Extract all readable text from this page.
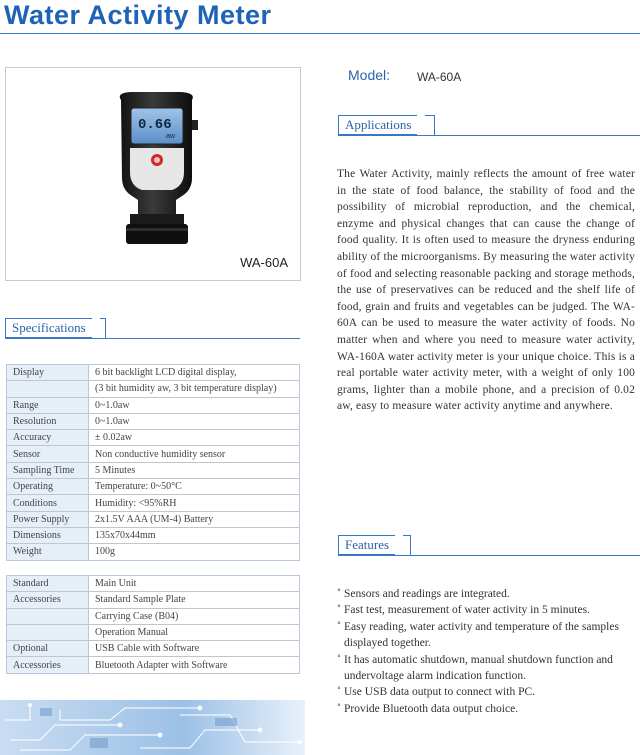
Water Activity Meter
0.66
aw
WA-60A
Specifications
Display	6 bit backlight LCD digital display,
	(3 bit humidity aw, 3 bit temperature display)
Range	0~1.0aw
Resolution	0~1.0aw
Accuracy	± 0.02aw
Sensor	Non conductive humidity sensor
Sampling Time	5 Minutes
Operating	Temperature: 0~50°C
Conditions	Humidity: <95%RH
Power Supply	2x1.5V AAA (UM-4) Battery
Dimensions	135x70x44mm
Weight	100g
Standard	Main Unit
Accessories	Standard Sample Plate
	Carrying Case (B04)
	Operation Manual
Optional	USB Cable with Software
Accessories	Bluetooth Adapter with Software
Model: WA-60A
Applications
The Water Activity, mainly reflects the amount of free water in the state of food balance, the stability of food and the possibility of microbial reproduction, and the chemical, enzyme and physical changes that can cause the change of food quality. It is often used to measure the dryness enduring ability of the microorganisms. By measuring the water activity of food and selecting reasonable packing and storage methods, the use of preservatives can be reduced and the shelf life of food, grain and fruits and vegetables can be judged. The WA-60A can be used to measure the water activity of foods. No matter when and where you need to measure water activity, WA-160A water activity meter is your unique choice. This is a real portable water activity meter, with a weight of only 100 grams, lighter than a mobile phone, and a precision of 0.02 aw, easy to measure water activity anytime and anywhere.
Features
˚ Sensors and readings are integrated.
˚ Fast test, measurement of water activity in 5 minutes.
˚ Easy reading, water activity and temperature of the samples displayed together.
˚ It has automatic shutdown, manual shutdown function and undervoltage alarm indication function.
˚ Use USB data output to connect with PC.
˚ Provide Bluetooth data output choice.
